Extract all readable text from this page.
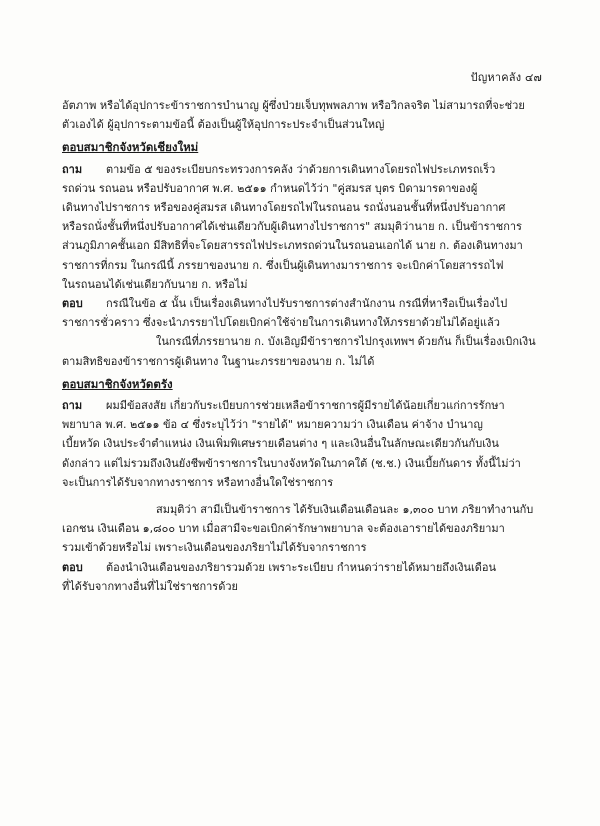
ปัญหาคลัง ๔๗
อัตภาพ หรือได้อุปการะข้าราชการบำนาญ ผู้ซึ่งป่วยเจ็บทุพพลภาพ หรือวิกลจริต ไม่สามารถที่จะช่วย
ตัวเองได้ ผู้อุปการะตามข้อนี้ ต้องเป็นผู้ให้อุปการะประจำเป็นส่วนใหญ่
ตอบสมาชิกจังหวัดเชียงใหม่
ถาม ตามข้อ ๕ ของระเบียบกระทรวงการคลัง ว่าด้วยการเดินทางโดยรถไฟประเภทรถเร็ว
รถด่วน รถนอน หรือปรับอากาศ พ.ศ. ๒๕๑๑ กำหนดไว้ว่า "คู่สมรส บุตร บิดามารดาของผู้
เดินทางไปราชการ หรือของคู่สมรส เดินทางโดยรถไฟในรถนอน รถนั่งนอนชั้นที่หนึ่งปรับอากาศ
หรือรถนั่งชั้นที่หนึ่งปรับอากาศได้เช่นเดียวกับผู้เดินทางไปราชการ" สมมุติว่านาย ก. เป็นข้าราชการ
ส่วนภูมิภาคชั้นเอก มีสิทธิที่จะโดยสารรถไฟประเภทรถด่วนในรถนอนเอกได้ นาย ก. ต้องเดินทางมา
ราชการที่กรม ในกรณีนี้ ภรรยาของนาย ก. ซึ่งเป็นผู้เดินทางมาราชการ จะเบิกค่าโดยสารรถไฟ
ในรถนอนได้เช่นเดียวกับนาย ก. หรือไม่
ตอบ กรณีในข้อ ๕ นั้น เป็นเรื่องเดินทางไปรับราชการต่างสำนักงาน กรณีที่หารือเป็นเรื่องไป
ราชการชั่วคราว ซึ่งจะนำภรรยาไปโดยเบิกค่าใช้จ่ายในการเดินทางให้ภรรยาด้วยไม่ได้อยู่แล้ว
ในกรณีที่ภรรยานาย ก. บังเอิญมีข้าราชการไปกรุงเทพฯ ด้วยกัน ก็เป็นเรื่องเบิกเงิน
ตามสิทธิของข้าราชการผู้เดินทาง ในฐานะภรรยาของนาย ก. ไม่ได้
ตอบสมาชิกจังหวัดตรัง
ถาม ผมมีข้อสงสัย เกี่ยวกับระเบียบการช่วยเหลือข้าราชการผู้มีรายได้น้อยเกี่ยวแก่การรักษา
พยาบาล พ.ศ. ๒๕๑๑ ข้อ ๔ ซึ่งระบุไว้ว่า "รายได้" หมายความว่า เงินเดือน ค่าจ้าง บำนาญ
เบี้ยหวัด เงินประจำตำแหน่ง เงินเพิ่มพิเศษรายเดือนต่าง ๆ และเงินอื่นในลักษณะเดียวกันกับเงิน
ดังกล่าว แต่ไม่รวมถึงเงินยังชีพข้าราชการในบางจังหวัดในภาคใต้ (ช.ช.) เงินเบี้ยกันดาร ทั้งนี้ไม่ว่า
จะเป็นการได้รับจากทางราชการ หรือทางอื่นใดใช่ราชการ
สมมุติว่า สามีเป็นข้าราชการ ได้รับเงินเดือนเดือนละ ๑,๓๐๐ บาท ภริยาทำงานกับ
เอกชน เงินเดือน ๑,๘๐๐ บาท เมื่อสามีจะขอเบิกค่ารักษาพยาบาล จะต้องเอารายได้ของภริยามา
รวมเข้าด้วยหรือไม่ เพราะเงินเดือนของภริยาไม่ได้รับจากราชการ
ตอบ ต้องนำเงินเดือนของภริยารวมด้วย เพราะระเบียบ กำหนดว่ารายได้หมายถึงเงินเดือน
ที่ได้รับจากทางอื่นที่ไม่ใช่ราชการด้วย
